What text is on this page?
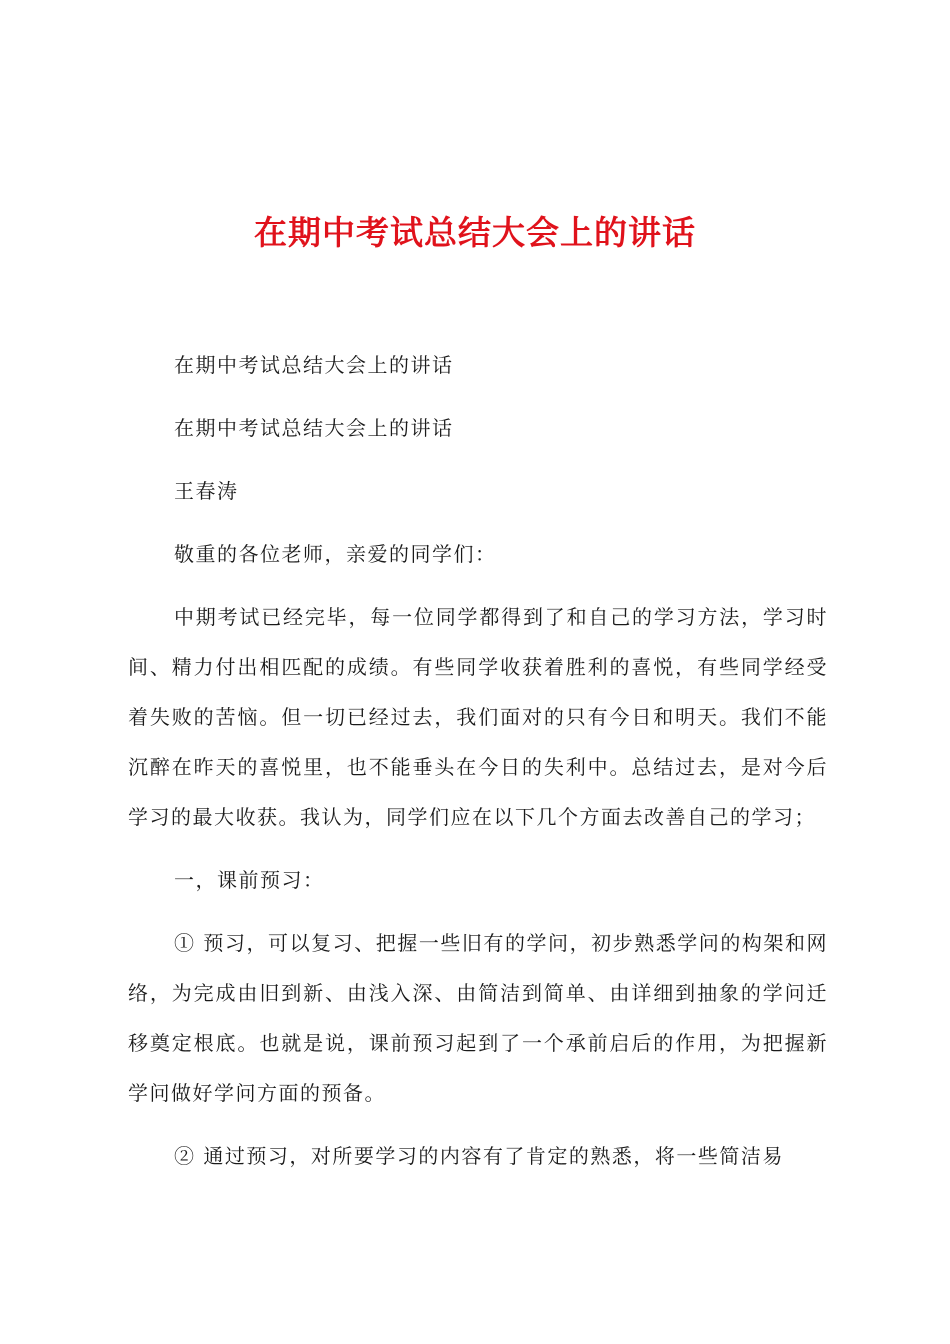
在期中考试总结大会上的讲话

在期中考试总结大会上的讲话

在期中考试总结大会上的讲话

王春涛

敬重的各位老师，亲爱的同学们：

中期考试已经完毕，每一位同学都得到了和自己的学习方法，学习时间、精力付出相匹配的成绩。有些同学收获着胜利的喜悦，有些同学经受着失败的苦恼。但一切已经过去，我们面对的只有今日和明天。我们不能沉醉在昨天的喜悦里，也不能垂头在今日的失利中。总结过去，是对今后学习的最大收获。我认为，同学们应在以下几个方面去改善自己的学习；

一，课前预习：

① 预习，可以复习、把握一些旧有的学问，初步熟悉学问的构架和网络，为完成由旧到新、由浅入深、由简洁到简单、由详细到抽象的学问迁移奠定根底。也就是说，课前预习起到了一个承前启后的作用，为把握新学问做好学问方面的预备。

② 通过预习，对所要学习的内容有了肯定的熟悉，将一些简洁易
